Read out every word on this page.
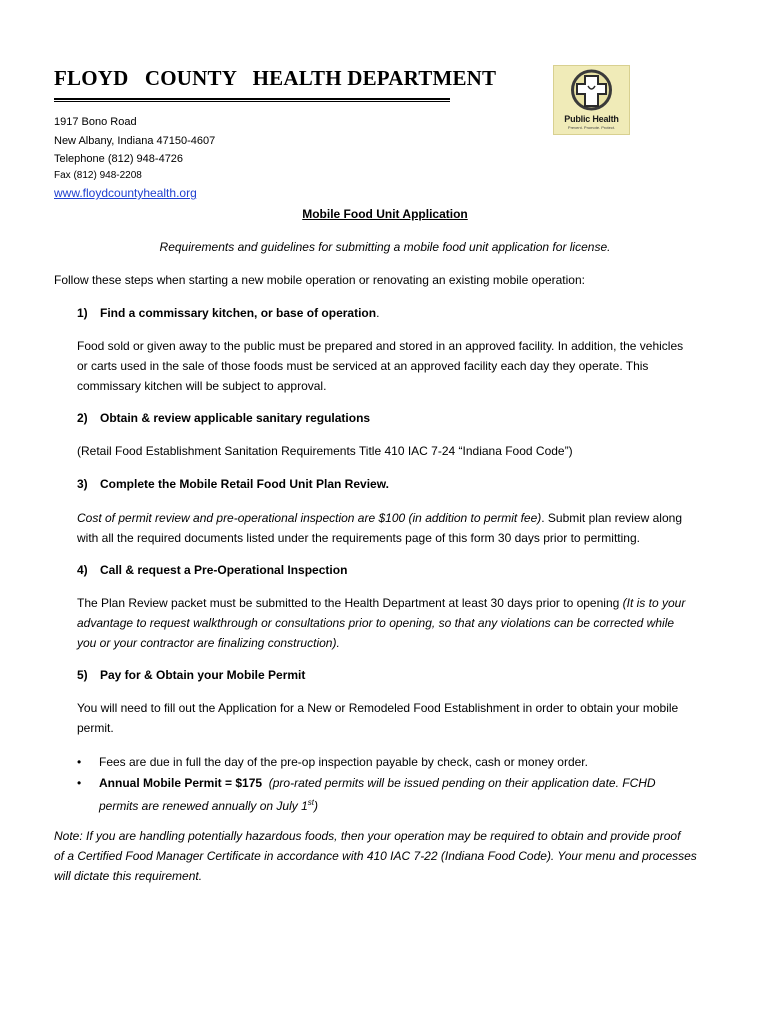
FLOYD   COUNTY   HEALTH DEPARTMENT
1917 Bono Road
New Albany, Indiana 47150-4607
Telephone (812) 948-4726
Fax (812) 948-2208
www.floydcountyhealth.org
Public Health
Prevent. Promote. Protect.
Mobile Food Unit Application
Requirements and guidelines for submitting a mobile food unit application for license.
Follow these steps when starting a new mobile operation or renovating an existing mobile operation:
1) Find a commissary kitchen, or base of operation.
Food sold or given away to the public must be prepared and stored in an approved facility. In addition, the vehicles
or carts used in the sale of those foods must be serviced at an approved facility each day they operate. This
commissary kitchen will be subject to approval.
2) Obtain & review applicable sanitary regulations
(Retail Food Establishment Sanitation Requirements Title 410 IAC 7-24 “Indiana Food Code”)
3) Complete the Mobile Retail Food Unit Plan Review.
Cost of permit review and pre-operational inspection are $100 (in addition to permit fee). Submit plan review along
with all the required documents listed under the requirements page of this form 30 days prior to permitting.
4) Call & request a Pre-Operational Inspection
The Plan Review packet must be submitted to the Health Department at least 30 days prior to opening (It is to your
advantage to request walkthrough or consultations prior to opening, so that any violations can be corrected while
you or your contractor are finalizing construction).
5) Pay for & Obtain your Mobile Permit
You will need to fill out the Application for a New or Remodeled Food Establishment in order to obtain your mobile
permit.
• Fees are due in full the day of the pre-op inspection payable by check, cash or money order.
• Annual Mobile Permit = $175 (pro-rated permits will be issued pending on their application date. FCHD
permits are renewed annually on July 1st)
Note: If you are handling potentially hazardous foods, then your operation may be required to obtain and provide proof
of a Certified Food Manager Certificate in accordance with 410 IAC 7-22 (Indiana Food Code). Your menu and processes
will dictate this requirement.
